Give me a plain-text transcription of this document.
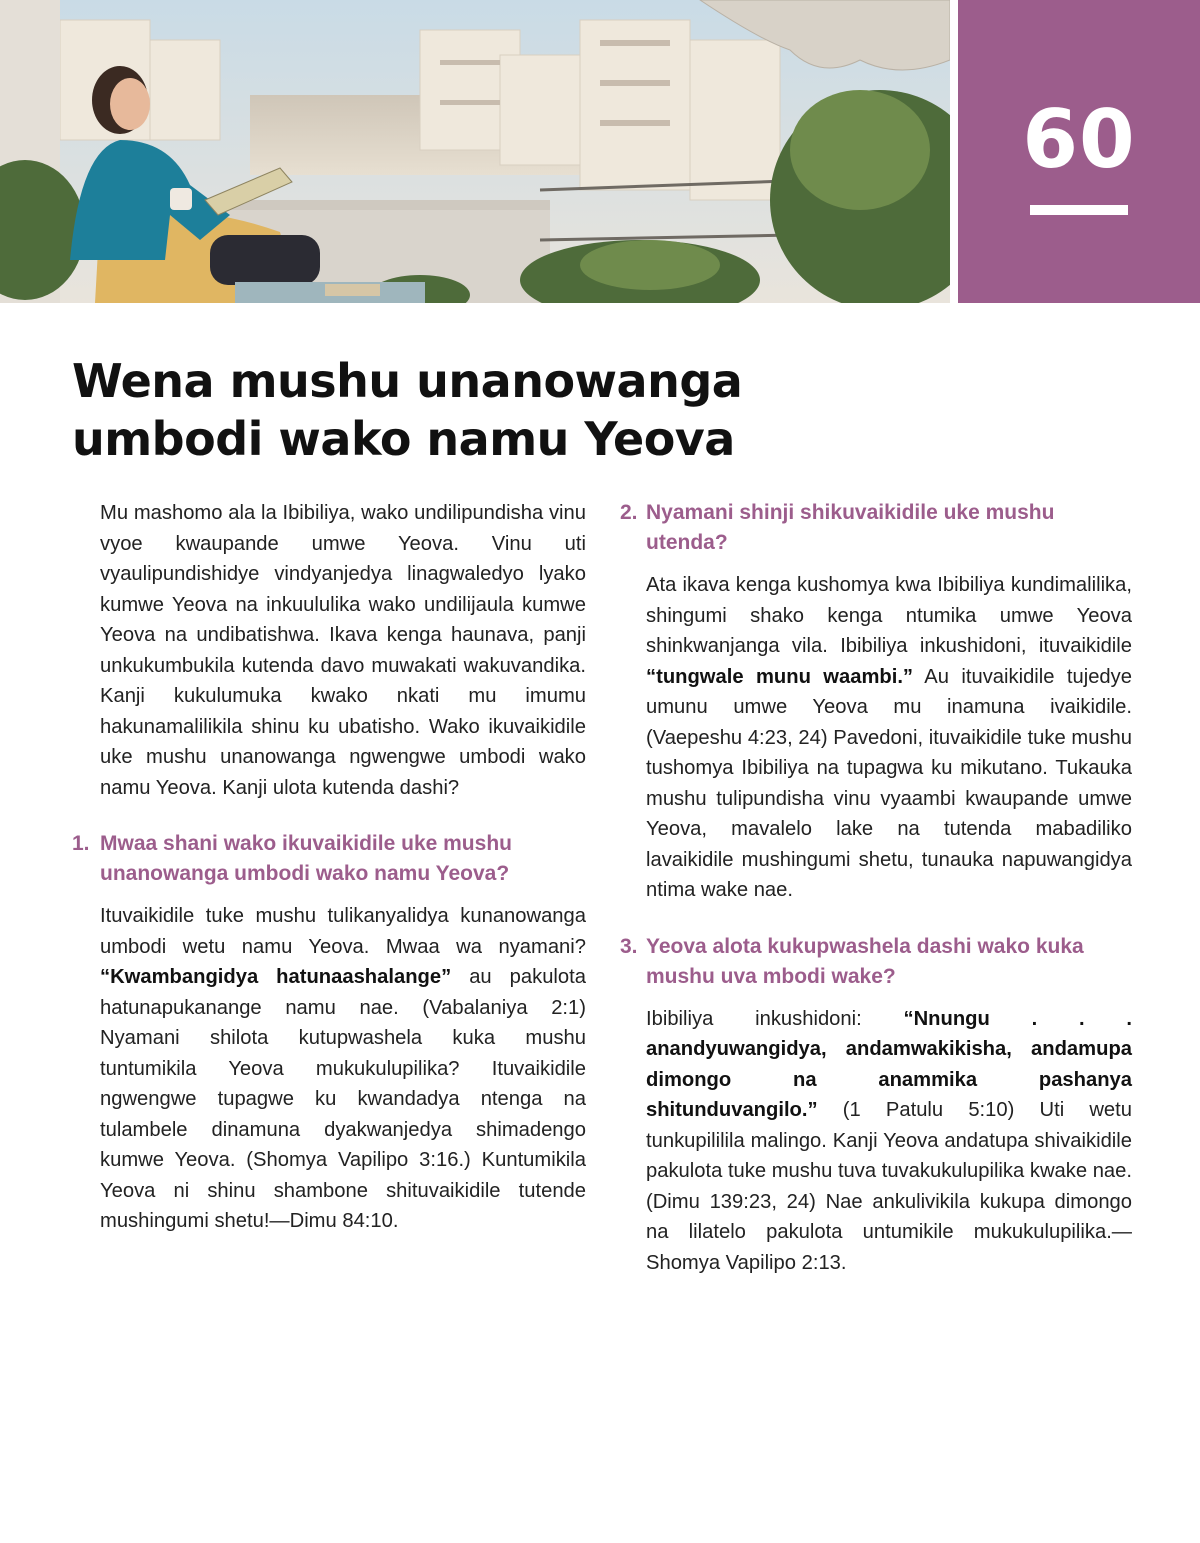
60
Wena mushu unanowanga
umbodi wako namu Yeova

Mu mashomo ala la Ibibiliya, wako undilipundisha vinu vyoe kwaupande umwe Yeova. Vinu uti vyaulipundishidye vindyanjedya linagwaledyo lyako kumwe Yeova na inkuululika wako undilijaula kumwe Yeova na undibatishwa. Ikava kenga haunava, panji unkukumbukila kutenda davo muwakati wakuvandika. Kanji kukulumuka kwako nkati mu imumu hakunamalilikila shinu ku ubatisho. Wako ikuvaikidile uke mushu unanowanga ngwengwe umbodi wako namu Yeova. Kanji ulota kutenda dashi?

1. Mwaa shani wako ikuvaikidile uke mushu unanowanga umbodi wako namu Yeova?

Ituvaikidile tuke mushu tulikanyalidya kunanowanga umbodi wetu namu Yeova. Mwaa wa nyamani? “Kwambangidya hatunaashalange” au pakulota hatunapukanange namu nae. (Vabalaniya 2:1) Nyamani shilota kutupwashela kuka mushu tuntumikila Yeova mukukulupilika? Ituvaikidile ngwengwe tupagwe ku kwandadya ntenga na tulambele dinamuna dyakwanjedya shimadengo kumwe Yeova. (Shomya Vapilipo 3:16.) Kuntumikila Yeova ni shinu shambone shituvaikidile tutende mushingumi shetu!—Dimu 84:10.

2. Nyamani shinji shikuvaikidile uke mushu utenda?

Ata ikava kenga kushomya kwa Ibibiliya kundimalilika, shingumi shako kenga ntumika umwe Yeova shinkwanjanga vila. Ibibiliya inkushidoni, ituvaikidile “tungwale munu waambi.” Au ituvaikidile tujedye umunu umwe Yeova mu inamuna ivaikidile. (Vaepeshu 4:23, 24) Pavedoni, ituvaikidile tuke mushu tushomya Ibibiliya na tupagwa ku mikutano. Tukauka mushu tulipundisha vinu vyaambi kwaupande umwe Yeova, mavalelo lake na tutenda mabadiliko lavaikidile mushingumi shetu, tunauka napuwangidya ntima wake nae.

3. Yeova alota kukupwashela dashi wako kuka mushu uva mbodi wake?

Ibibiliya inkushidoni: “Nnungu . . . anandyuwangidya, andamwakikisha, andamupa dimongo na anammika pashanya shitunduvangilo.” (1 Patulu 5:10) Uti wetu tunkupilililа malingo. Kanji Yeova andatupa shivaikidile pakulota tuke mushu tuva tuvakukulupilika kwake nae. (Dimu 139:23, 24) Nae ankulivikila kukupa dimongo na lilatelo pakulota untumikile mukukulupilika.—Shomya Vapilipo 2:13.
